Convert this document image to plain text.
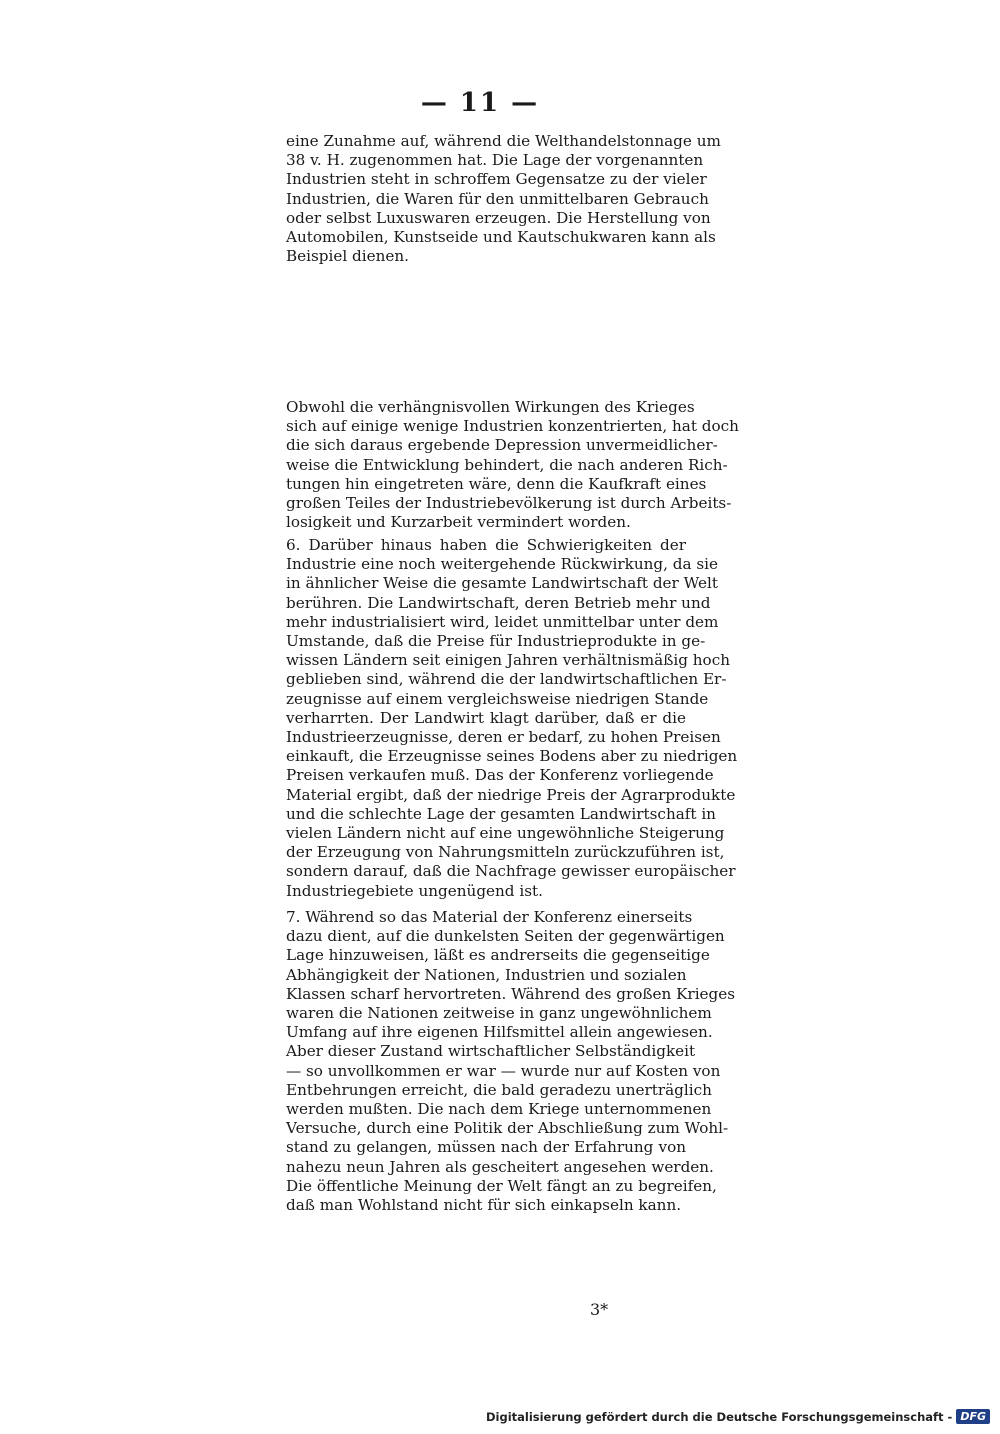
— 11 —
eine Zunahme auf, während die Welthandelstonnage um
38 v. H. zugenommen hat. Die Lage der vorgenannten
Industrien steht in schroffem Gegensatze zu der vieler
Industrien, die Waren für den unmittelbaren Gebrauch
oder selbst Luxuswaren erzeugen. Die Herstellung von
Automobilen, Kunstseide und Kautschukwaren kann als
Beispiel dienen.
Obwohl die verhängnisvollen Wirkungen des Krieges
sich auf einige wenige Industrien konzentrierten, hat doch
die sich daraus ergebende Depression unvermeidlicher-
weise die Entwicklung behindert, die nach anderen Rich-
tungen hin eingetreten wäre, denn die Kaufkraft eines
großen Teiles der Industriebevölkerung ist durch Arbeits-
losigkeit und Kurzarbeit vermindert worden.
6. Darüber hinaus haben die Schwierigkeiten der
Industrie eine noch weitergehende Rückwirkung, da sie
in ähnlicher Weise die gesamte Landwirtschaft der Welt
berühren. Die Landwirtschaft, deren Betrieb mehr und
mehr industrialisiert wird, leidet unmittelbar unter dem
Umstande, daß die Preise für Industrieprodukte in ge-
wissen Ländern seit einigen Jahren verhältnismäßig hoch
geblieben sind, während die der landwirtschaftlichen Er-
zeugnisse auf einem vergleichsweise niedrigen Stande
verharrten. Der Landwirt klagt darüber, daß er die
Industrieerzeugnisse, deren er bedarf, zu hohen Preisen
einkauft, die Erzeugnisse seines Bodens aber zu niedrigen
Preisen verkaufen muß. Das der Konferenz vorliegende
Material ergibt, daß der niedrige Preis der Agrarprodukte
und die schlechte Lage der gesamten Landwirtschaft in
vielen Ländern nicht auf eine ungewöhnliche Steigerung
der Erzeugung von Nahrungsmitteln zurückzuführen ist,
sondern darauf, daß die Nachfrage gewisser europäischer
Industriegebiete ungenügend ist.
7. Während so das Material der Konferenz einerseits
dazu dient, auf die dunkelsten Seiten der gegenwärtigen
Lage hinzuweisen, läßt es andrerseits die gegenseitige
Abhängigkeit der Nationen, Industrien und sozialen
Klassen scharf hervortreten. Während des großen Krieges
waren die Nationen zeitweise in ganz ungewöhnlichem
Umfang auf ihre eigenen Hilfsmittel allein angewiesen.
Aber dieser Zustand wirtschaftlicher Selbständigkeit
— so unvollkommen er war — wurde nur auf Kosten von
Entbehrungen erreicht, die bald geradezu unerträglich
werden mußten. Die nach dem Kriege unternommenen
Versuche, durch eine Politik der Abschließung zum Wohl-
stand zu gelangen, müssen nach der Erfahrung von
nahezu neun Jahren als gescheitert angesehen werden.
Die öffentliche Meinung der Welt fängt an zu begreifen,
daß man Wohlstand nicht für sich einkapseln kann.
3*
Digitalisierung gefördert durch die Deutsche Forschungsgemeinschaft - DFG
